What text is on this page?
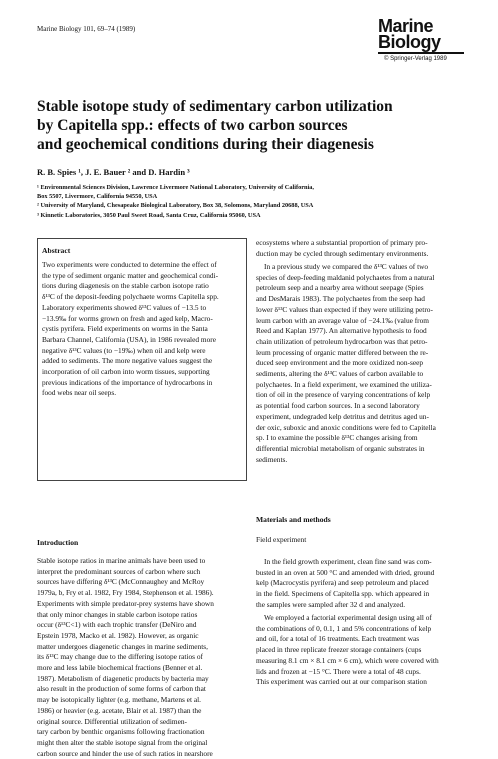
Marine Biology 101, 69–74 (1989)	Marine
Biology
© Springer-Verlag 1989
Stable isotope study of sedimentary carbon utilization
by Capitella spp.: effects of two carbon sources
and geochemical conditions during their diagenesis
R. B. Spies ¹, J. E. Bauer ² and D. Hardin ³
¹ Environmental Sciences Division, Lawrence Livermore National Laboratory, University of California,
Box 5507, Livermore, California 94550, USA
² University of Maryland, Chesapeake Biological Laboratory, Box 38, Solomons, Maryland 20688, USA
³ Kinnetic Laboratories, 3050 Paul Sweet Road, Santa Cruz, California 95060, USA
Abstract
Two experiments were conducted to determine the effect of
the type of sediment organic matter and geochemical condi-
tions during diagenesis on the stable carbon isotope ratio
δ¹³C of the deposit-feeding polychaete worms Capitella spp.
Laboratory experiments showed δ¹³C values of −13.5 to
−13.9‰ for worms grown on fresh and aged kelp, Macro-
cystis pyrifera. Field experiments on worms in the Santa
Barbara Channel, California (USA), in 1986 revealed more
negative δ¹³C values (to −19‰) when oil and kelp were
added to sediments. The more negative values suggest the
incorporation of oil carbon into worm tissues, supporting
previous indications of the importance of hydrocarbons in
food webs near oil seeps.
Introduction
Stable isotope ratios in marine animals have been used to
interpret the predominant sources of carbon where such
sources have differing δ¹³C (McConnaughey and McRoy
1979a, b, Fry et al. 1982, Fry 1984, Stephenson et al. 1986).
Experiments with simple predator-prey systems have shown
that only minor changes in stable carbon isotope ratios
occur (δ¹³C<1) with each trophic transfer (DeNiro and
Epstein 1978, Macko et al. 1982). However, as organic
matter undergoes diagenetic changes in marine sediments,
its δ¹³C may change due to the differing isotope ratios of
more and less labile biochemical fractions (Benner et al.
1987). Metabolism of diagenetic products by bacteria may
also result in the production of some forms of carbon that
may be isotopically lighter (e.g. methane, Martens et al.
1986) or heavier (e.g. acetate, Blair et al. 1987) than the
original source. Differential utilization of sedimen-
tary carbon by benthic organisms following fractionation
might then alter the stable isotope signal from the original
carbon source and hinder the use of such ratios in nearshore
ecosystems where a substantial proportion of primary pro-
duction may be cycled through sedimentary environments.
In a previous study we compared the δ¹³C values of two
species of deep-feeding maldanid polychaetes from a natural
petroleum seep and a nearby area without seepage (Spies
and DesMarais 1983). The polychaetes from the seep had
lower δ¹³C values than expected if they were utilizing petro-
leum carbon with an average value of −24.1‰ (value from
Reed and Kaplan 1977). An alternative hypothesis to food
chain utilization of petroleum hydrocarbon was that petro-
leum processing of organic matter differed between the re-
duced seep environment and the more oxidized non-seep
sediments, altering the δ¹³C values of carbon available to
polychaetes. In a field experiment, we examined the utiliza-
tion of oil in the presence of varying concentrations of kelp
as potential food carbon sources. In a second laboratory
experiment, undegraded kelp detritus and detritus aged un-
der oxic, suboxic and anoxic conditions were fed to Capitella
sp. I to examine the possible δ¹³C changes arising from
differential microbial metabolism of organic substrates in
sediments.
Materials and methods
Field experiment
In the field growth experiment, clean fine sand was com-
busted in an oven at 500 °C and amended with dried, ground
kelp (Macrocystis pyrifera) and seep petroleum and placed
in the field. Specimens of Capitella spp. which appeared in
the samples were sampled after 32 d and analyzed.
We employed a factorial experimental design using all of
the combinations of 0, 0.1, 1 and 5% concentrations of kelp
and oil, for a total of 16 treatments. Each treatment was
placed in three replicate freezer storage containers (cups
measuring 8.1 cm × 8.1 cm × 6 cm), which were covered with
lids and frozen at −15 °C. There were a total of 48 cups.
This experiment was carried out at our comparison station
